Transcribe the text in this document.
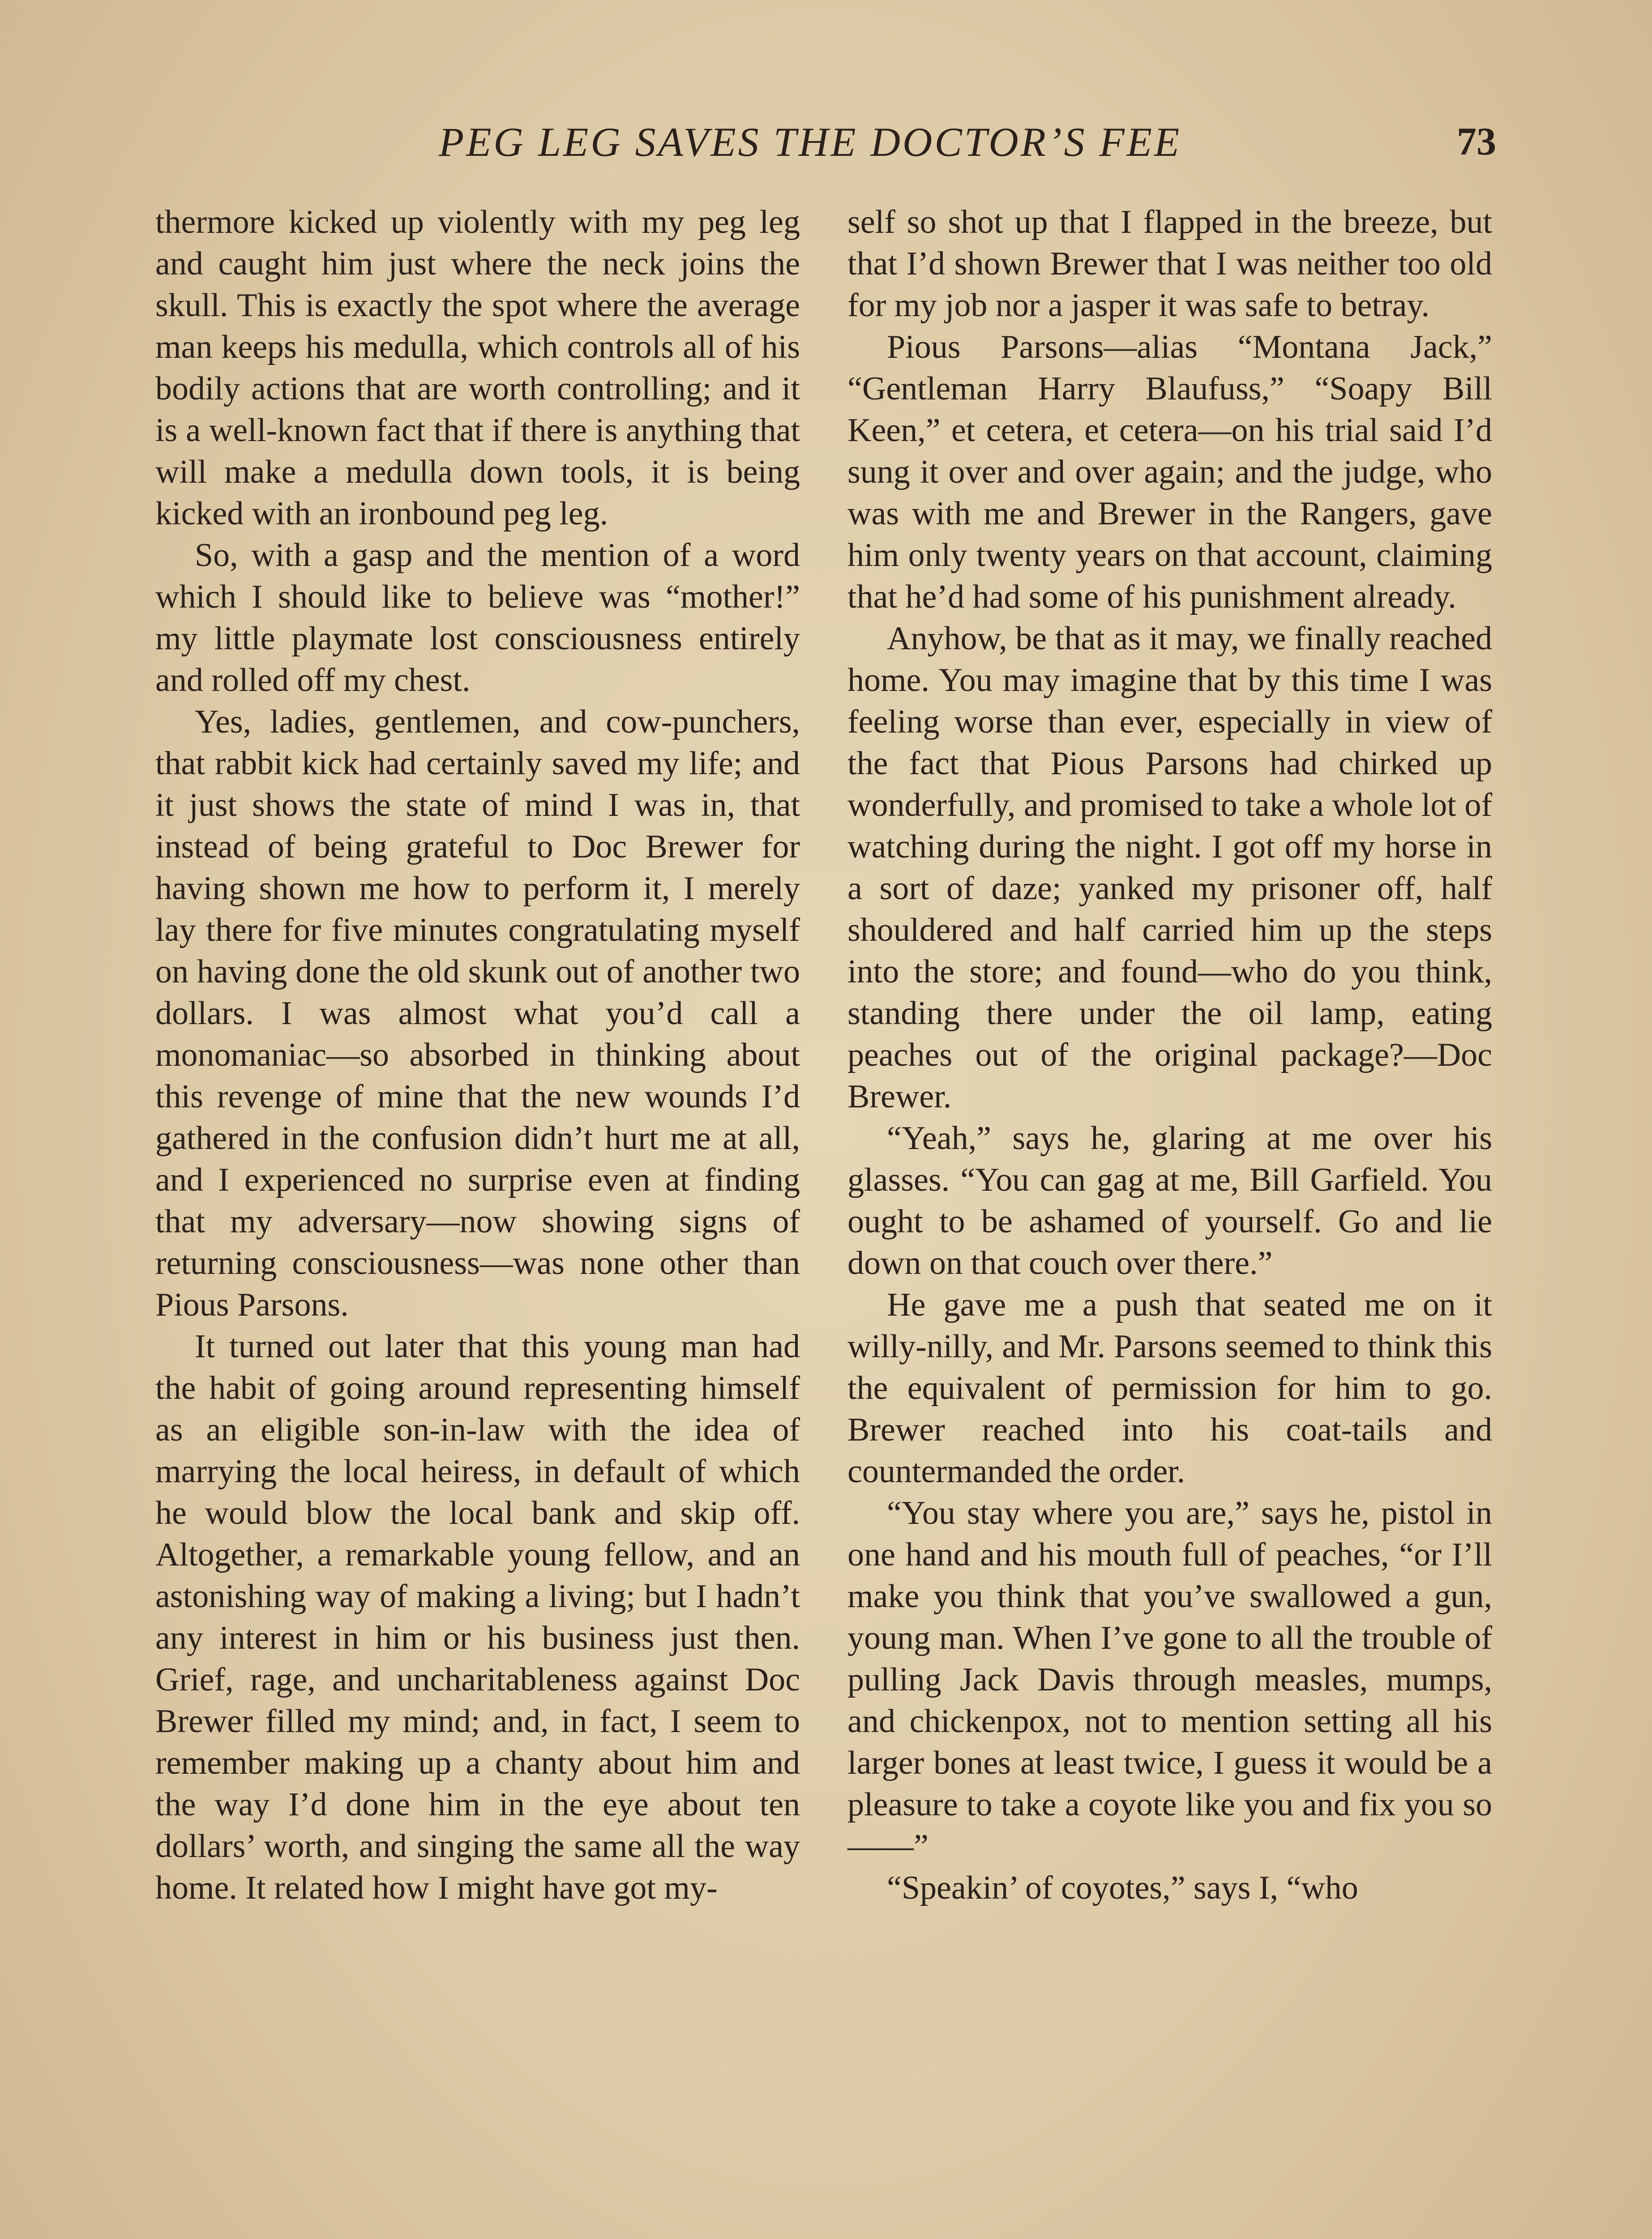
PEG LEG SAVES THE DOCTOR’S FEE	73

thermore kicked up violently with my peg leg and caught him just where the neck joins the skull. This is exactly the spot where the average man keeps his medulla, which controls all of his bodily actions that are worth controlling; and it is a well-known fact that if there is anything that will make a medulla down tools, it is being kicked with an ironbound peg leg.

So, with a gasp and the mention of a word which I should like to believe was “mother!” my little playmate lost consciousness entirely and rolled off my chest.

Yes, ladies, gentlemen, and cow-punchers, that rabbit kick had certainly saved my life; and it just shows the state of mind I was in, that instead of being grateful to Doc Brewer for having shown me how to perform it, I merely lay there for five minutes congratulating myself on having done the old skunk out of another two dollars. I was almost what you’d call a monomaniac—so absorbed in thinking about this revenge of mine that the new wounds I’d gathered in the confusion didn’t hurt me at all, and I experienced no surprise even at finding that my adversary—now showing signs of returning consciousness—was none other than Pious Parsons.

It turned out later that this young man had the habit of going around representing himself as an eligible son-in-law with the idea of marrying the local heiress, in default of which he would blow the local bank and skip off. Altogether, a remarkable young fellow, and an astonishing way of making a living; but I hadn’t any interest in him or his business just then. Grief, rage, and uncharitableness against Doc Brewer filled my mind; and, in fact, I seem to remember making up a chanty about him and the way I’d done him in the eye about ten dollars’ worth, and singing the same all the way home. It related how I might have got my-

self so shot up that I flapped in the breeze, but that I’d shown Brewer that I was neither too old for my job nor a jasper it was safe to betray.

Pious Parsons—alias “Montana Jack,” “Gentleman Harry Blaufuss,” “Soapy Bill Keen,” et cetera, et cetera—on his trial said I’d sung it over and over again; and the judge, who was with me and Brewer in the Rangers, gave him only twenty years on that account, claiming that he’d had some of his punishment already.

Anyhow, be that as it may, we finally reached home. You may imagine that by this time I was feeling worse than ever, especially in view of the fact that Pious Parsons had chirked up wonderfully, and promised to take a whole lot of watching during the night. I got off my horse in a sort of daze; yanked my prisoner off, half shouldered and half carried him up the steps into the store; and found—who do you think, standing there under the oil lamp, eating peaches out of the original package?—Doc Brewer.

“Yeah,” says he, glaring at me over his glasses. “You can gag at me, Bill Garfield. You ought to be ashamed of yourself. Go and lie down on that couch over there.”

He gave me a push that seated me on it willy-nilly, and Mr. Parsons seemed to think this the equivalent of permission for him to go. Brewer reached into his coat-tails and countermanded the order.

“You stay where you are,” says he, pistol in one hand and his mouth full of peaches, “or I’ll make you think that you’ve swallowed a gun, young man. When I’ve gone to all the trouble of pulling Jack Davis through measles, mumps, and chickenpox, not to mention setting all his larger bones at least twice, I guess it would be a pleasure to take a coyote like you and fix you so——”

“Speakin’ of coyotes,” says I, “who
